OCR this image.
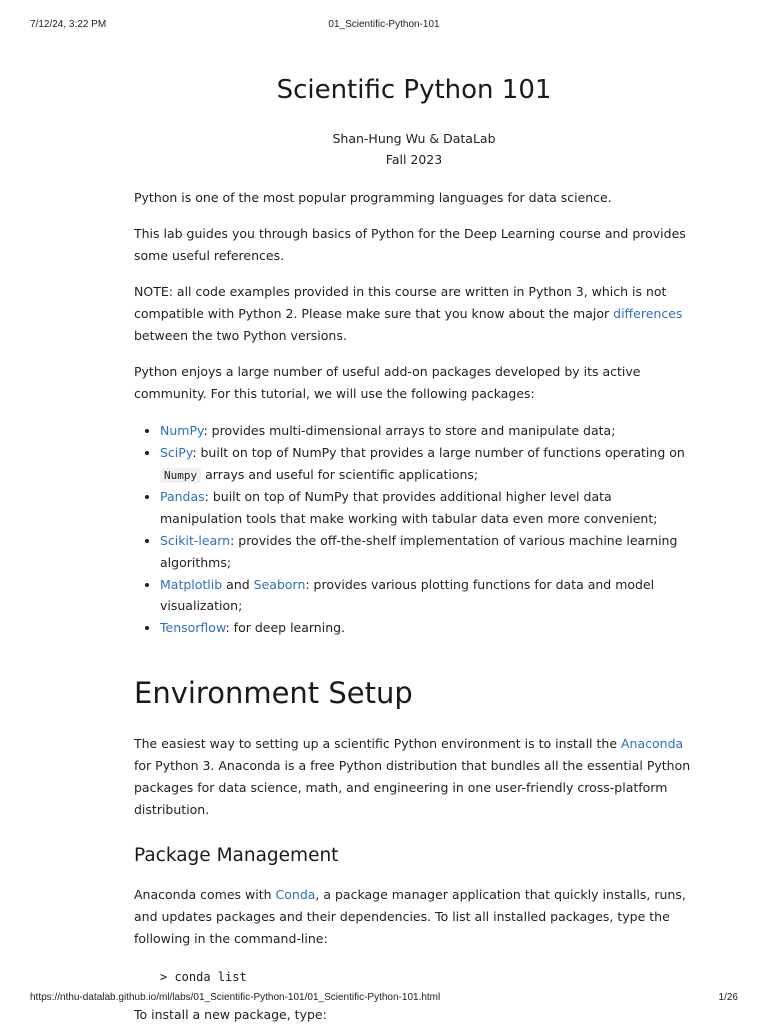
7/12/24, 3:22 PM	01_Scientific-Python-101
Scientific Python 101
Shan-Hung Wu & DataLab
Fall 2023

Python is one of the most popular programming languages for data science.

This lab guides you through basics of Python for the Deep Learning course and provides some useful references.

NOTE: all code examples provided in this course are written in Python 3, which is not compatible with Python 2. Please make sure that you know about the major differences between the two Python versions.

Python enjoys a large number of useful add-on packages developed by its active community. For this tutorial, we will use the following packages:

• NumPy: provides multi-dimensional arrays to store and manipulate data;
• SciPy: built on top of NumPy that provides a large number of functions operating on Numpy arrays and useful for scientific applications;
• Pandas: built on top of NumPy that provides additional higher level data manipulation tools that make working with tabular data even more convenient;
• Scikit-learn: provides the off-the-shelf implementation of various machine learning algorithms;
• Matplotlib and Seaborn: provides various plotting functions for data and model visualization;
• Tensorflow: for deep learning.
Environment Setup

The easiest way to setting up a scientific Python environment is to install the Anaconda for Python 3. Anaconda is a free Python distribution that bundles all the essential Python packages for data science, math, and engineering in one user-friendly cross-platform distribution.

Package Management

Anaconda comes with Conda, a package manager application that quickly installs, runs, and updates packages and their dependencies. To list all installed packages, type the following in the command-line:

> conda list

To install a new package, type:

https://nthu-datalab.github.io/ml/labs/01_Scientific-Python-101/01_Scientific-Python-101.html	1/26
